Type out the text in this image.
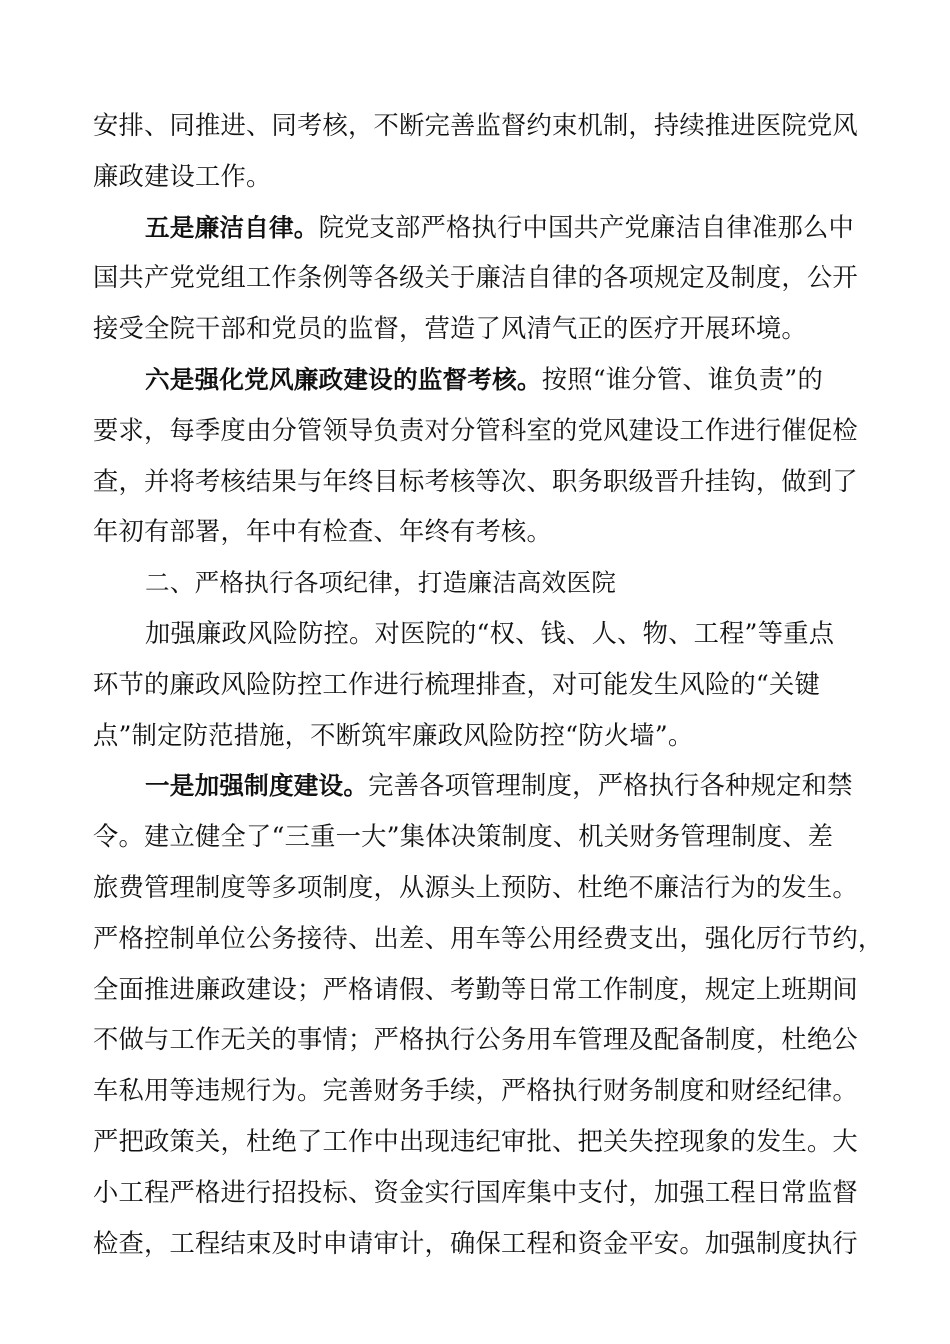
安排、同推进、同考核，不断完善监督约束机制，持续推进医院党风
廉政建设工作。
五是廉洁自律。院党支部严格执行中国共产党廉洁自律准那么中
国共产党党组工作条例等各级关于廉洁自律的各项规定及制度，公开
接受全院干部和党员的监督，营造了风清气正的医疗开展环境。
六是强化党风廉政建设的监督考核。按照“谁分管、谁负责”的
要求，每季度由分管领导负责对分管科室的党风建设工作进行催促检
查，并将考核结果与年终目标考核等次、职务职级晋升挂钩，做到了
年初有部署，年中有检查、年终有考核。
二、严格执行各项纪律，打造廉洁高效医院
加强廉政风险防控。对医院的“权、钱、人、物、工程”等重点
环节的廉政风险防控工作进行梳理排查，对可能发生风险的“关键
点”制定防范措施，不断筑牢廉政风险防控“防火墙”。
一是加强制度建设。完善各项管理制度，严格执行各种规定和禁
令。建立健全了“三重一大”集体决策制度、机关财务管理制度、差
旅费管理制度等多项制度，从源头上预防、杜绝不廉洁行为的发生。
严格控制单位公务接待、出差、用车等公用经费支出，强化厉行节约，
全面推进廉政建设；严格请假、考勤等日常工作制度，规定上班期间
不做与工作无关的事情；严格执行公务用车管理及配备制度，杜绝公
车私用等违规行为。完善财务手续，严格执行财务制度和财经纪律。
严把政策关，杜绝了工作中出现违纪审批、把关失控现象的发生。大
小工程严格进行招投标、资金实行国库集中支付，加强工程日常监督
检查，工程结束及时申请审计，确保工程和资金平安。加强制度执行
